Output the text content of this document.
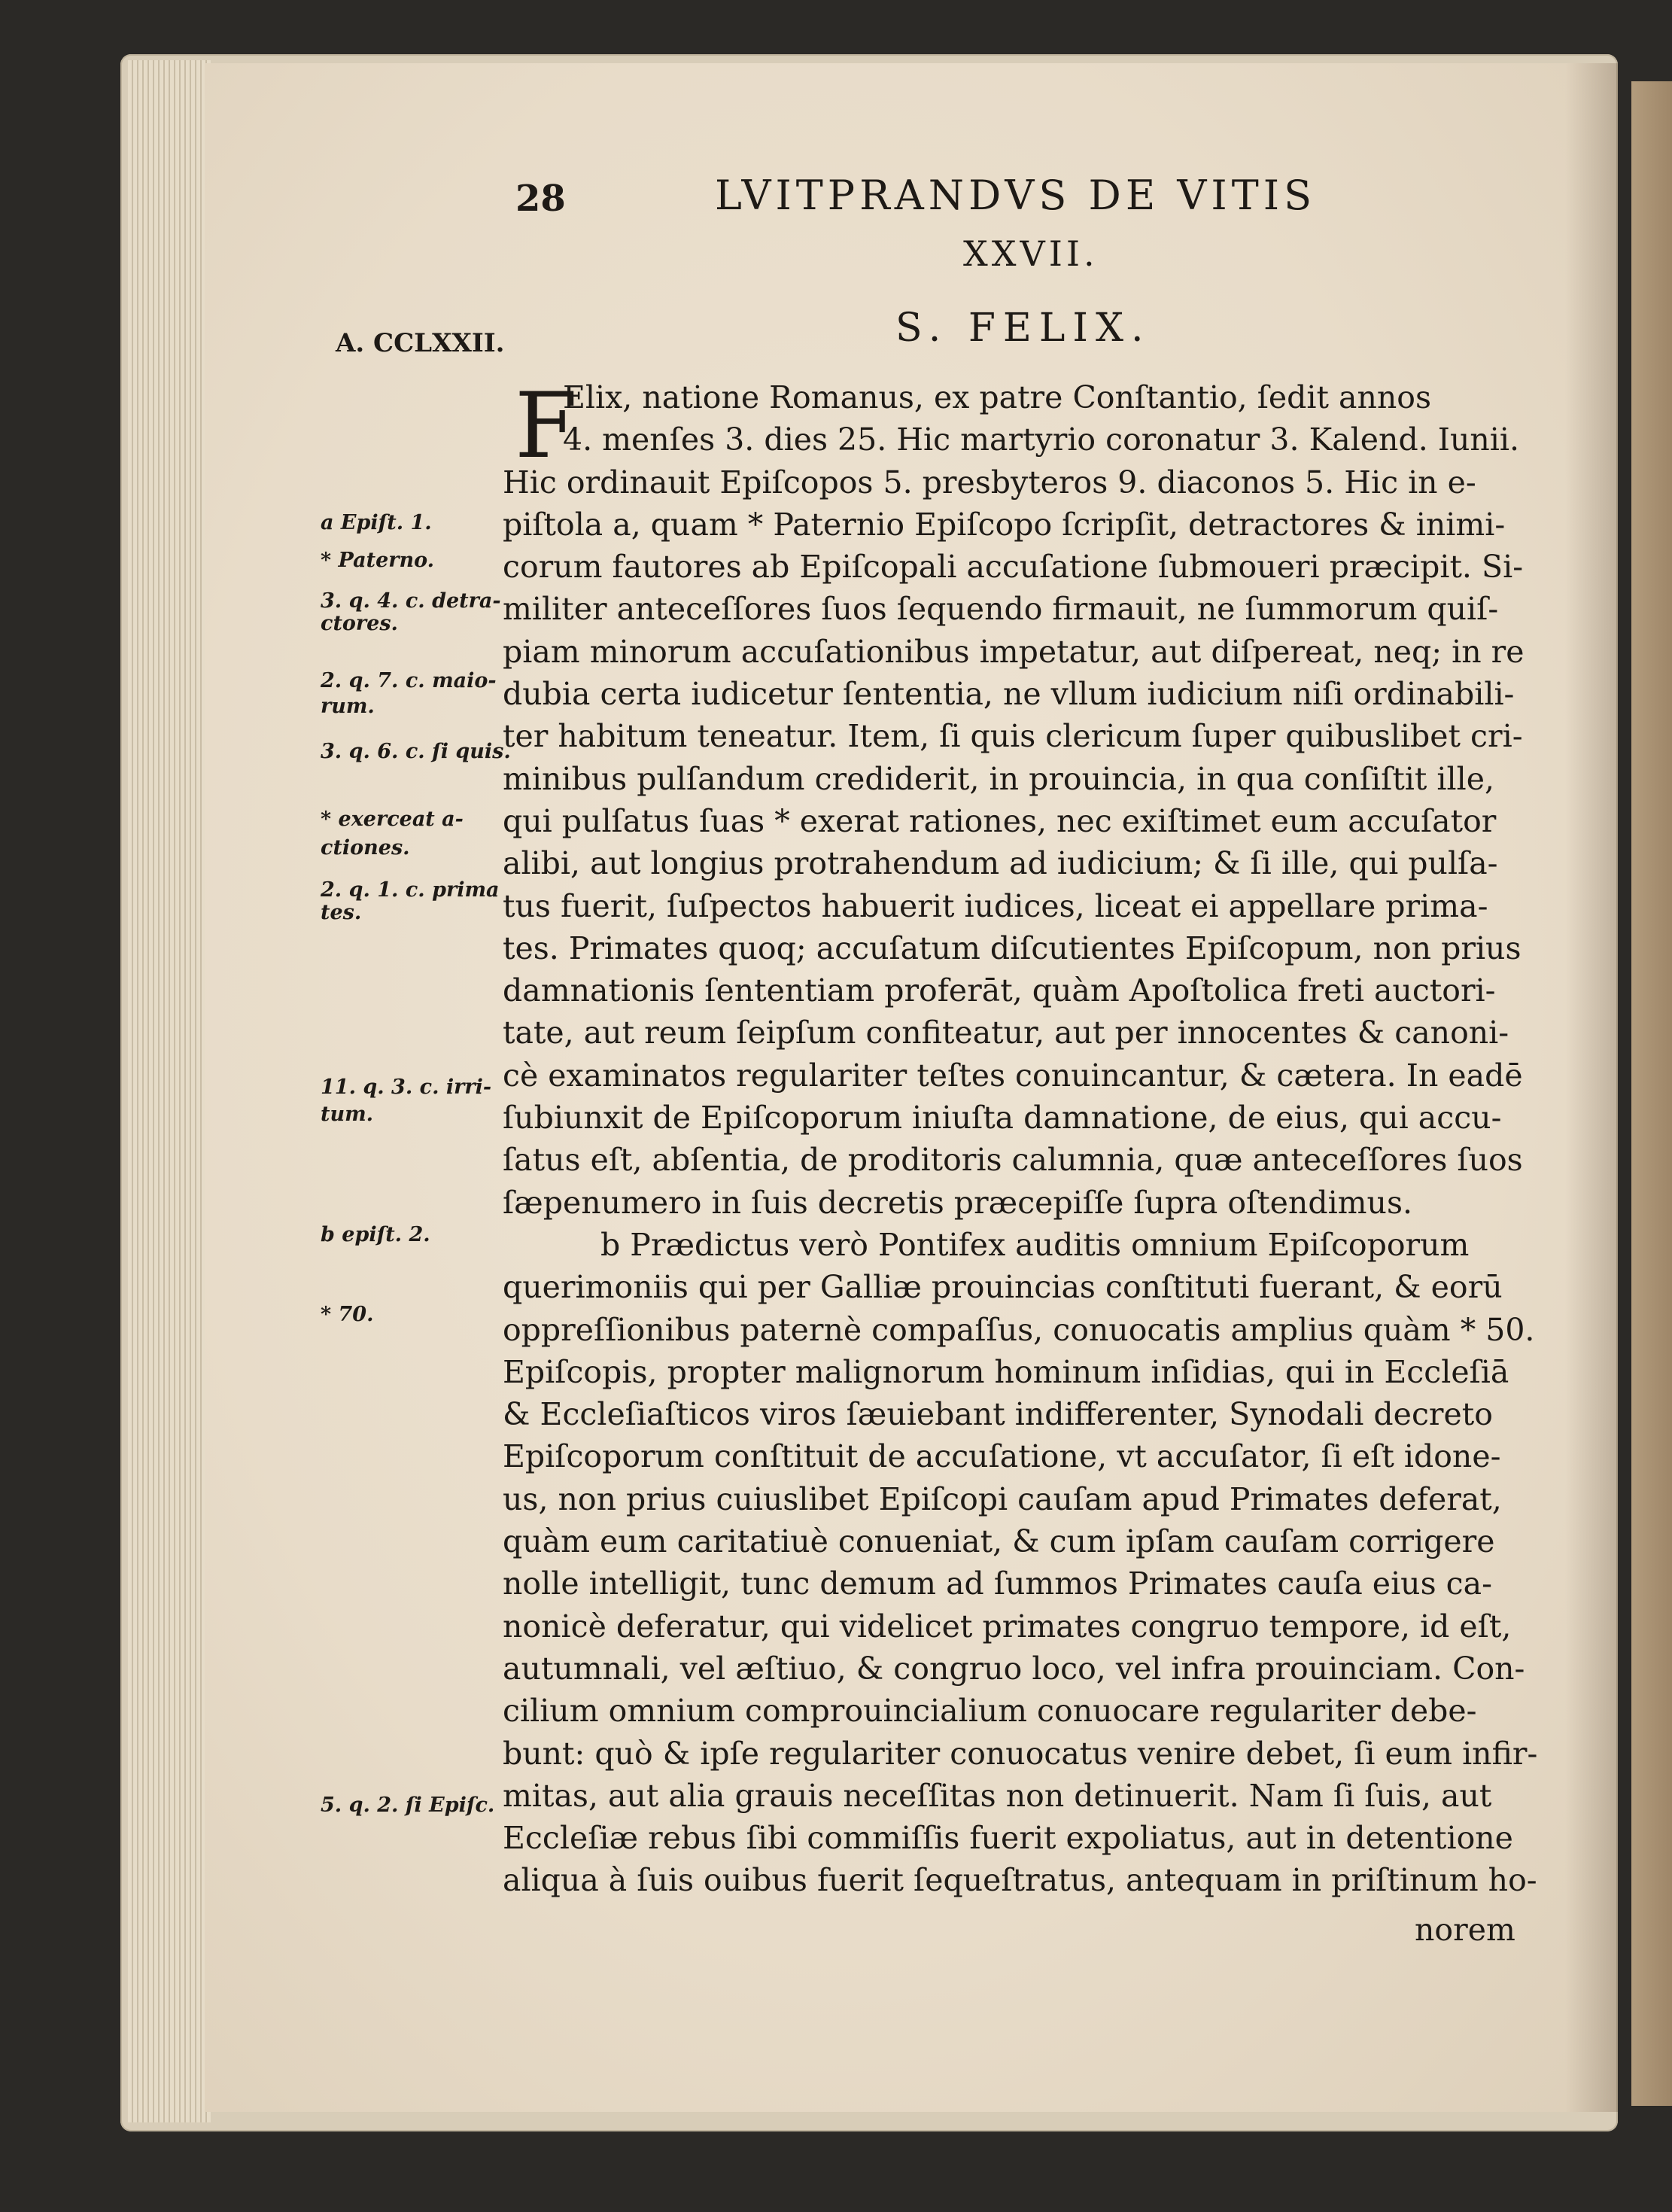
28	LVITPRANDVS DE VITIS
XXVII.
S. FELIX.
A. CCLXXII.
F
Elix, natione Romanus, ex patre Conſtantio, ſedit annos
4. menſes 3. dies 25. Hic martyrio coronatur 3. Kalend. Iunii.
Hic ordinauit Epiſcopos 5. presbyteros 9. diaconos 5. Hic in e-
piſtola a, quam * Paternio Epiſcopo ſcripſit, detractores & inimi-
corum fautores ab Epiſcopali accuſatione ſubmoueri præcipit. Si-
militer anteceſſores ſuos ſequendo firmauit, ne ſummorum quiſ-
piam minorum accuſationibus impetatur, aut diſpereat, neq; in re
dubia certa iudicetur ſententia, ne vllum iudicium niſi ordinabili-
ter habitum teneatur. Item, ſi quis clericum ſuper quibuslibet cri-
minibus pulſandum crediderit, in prouincia, in qua conſiſtit ille,
qui pulſatus ſuas * exerat rationes, nec exiſtimet eum accuſator
alibi, aut longius protrahendum ad iudicium; & ſi ille, qui pulſa-
tus fuerit, ſuſpectos habuerit iudices, liceat ei appellare prima-
tes. Primates quoq; accuſatum diſcutientes Epiſcopum, non prius
damnationis ſententiam proferāt, quàm Apoſtolica freti auctori-
tate, aut reum ſeipſum confiteatur, aut per innocentes & canoni-
cè examinatos regulariter teſtes conuincantur, & cætera. In eadē
ſubiunxit de Epiſcoporum iniuſta damnatione, de eius, qui accu-
ſatus eſt, abſentia, de proditoris calumnia, quæ anteceſſores ſuos
ſæpenumero in ſuis decretis præcepiſſe ſupra oſtendimus.
b Prædictus verò Pontifex auditis omnium Epiſcoporum
querimoniis qui per Galliæ prouincias conſtituti fuerant, & eorū
oppreſſionibus paternè compaſſus, conuocatis amplius quàm * 50.
Epiſcopis, propter malignorum hominum inſidias, qui in Eccleſiā
& Eccleſiaſticos viros ſæuiebant indifferenter, Synodali decreto
Epiſcoporum conſtituit de accuſatione, vt accuſator, ſi eſt idone-
us, non prius cuiuslibet Epiſcopi cauſam apud Primates deferat,
quàm eum caritatiuè conueniat, & cum ipſam cauſam corrigere
nolle intelligit, tunc demum ad ſummos Primates cauſa eius ca-
nonicè deferatur, qui videlicet primates congruo tempore, id eſt,
autumnali, vel æſtiuo, & congruo loco, vel infra prouinciam. Con-
cilium omnium comprouincialium conuocare regulariter debe-
bunt: quò & ipſe regulariter conuocatus venire debet, ſi eum infir-
mitas, aut alia grauis neceſſitas non detinuerit. Nam ſi ſuis, aut
Eccleſiæ rebus ſibi commiſſis fuerit expoliatus, aut in detentione
aliqua à ſuis ouibus fuerit ſequeſtratus, antequam in priſtinum ho-
norem
a Epiſt. 1.
* Paterno.
3. q. 4. c. detra-
ctores.
2. q. 7. c. maio-
rum.
3. q. 6. c. ſi quis.
* exerceat a-
ctiones.
2. q. 1. c. prima
tes.
11. q. 3. c. irri-
tum.
b epiſt. 2.
* 70.
5. q. 2. ſi Epiſc.
